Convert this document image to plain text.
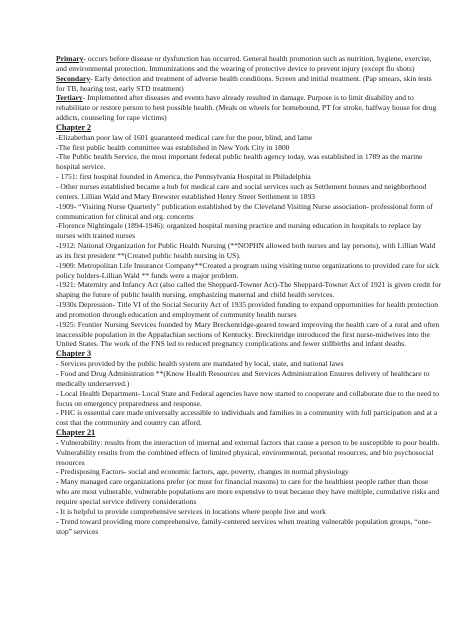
Primary- occurs before disease or dysfunction has occurred. General health promotion such as nutrition, hygiene, exercise, and environmental protection. Immunizations and the wearing of protective device to prevent injury (except flu shots)

Secondary- Early detection and treatment of adverse health conditions. Screen and initial treatment. (Pap smears, skin tests for TB, hearing test, early STD treatment)

Tertiary- Implemented after diseases and events have already resulted in damage. Purpose is to limit disability and to rehabilitate or restore person to best possible health. (Meals on wheels for homebound, PT for stroke, halfway house for drug addicts, counseling for rape victims)

Chapter 2

-Elizabethan poor law of 1601 guaranteed medical care for the poor, blind, and lame

-The first public health committee was established in New York City in 1800

-The Public health Service, the most important federal public health agency today, was established in 1789 as the marine hospital service.

- 1751: first hospital founded in America, the Pennsylvania Hospital in Philadelphia

- Other nurses established became a hub for medical care and social services such as Settlement houses and neighborhood centers. Lillian Wald and Mary Brewster established Henry Street Settlement in 1893

-1909- “Visiting Nurse Quarterly” publication established by the Cleveland Visiting Nurse association- professional form of communication for clinical and org. concerns

-Florence Nightingale (1894-1946): organized hospital nursing practice and nursing education in hospitals to replace lay nurses with trained nurses

-1912: National Organization for Public Health Nursing (**NOPHN allowed both nurses and lay persons), with Lillian Wald as its first president **(Created public health nursing in US).

-1909: Metropolitan Life Insurance Company**Created a program using visiting nurse organizations to provided care for sick policy holders-Lillian Wald ** funds were a major problem.

-1921: Maternity and Infancy Act (also called the Sheppard-Towner Act)-The Sheppard-Towner Act of 1921 is given credit for shaping the future of public health nursing, emphasizing maternal and child health services.

-1930s Depression- Title VI of the Social Security Act of 1935 provided funding to expand opportunities for health protection and promotion through education and employment of community health nurses

-1925: Frontier Nursing Services founded by Mary Breckenridge-geared toward improving the health care of a rural and often inaccessible population in the Appalachian sections of Kentucky. Breckinridge introduced the first nurse-midwives into the United States. The work of the FNS led to reduced pregnancy complications and fewer stillbirths and infant deaths.

Chapter 3

- Services provided by the public health system are mandated by local, state, and national laws

- Food and Drug Administration **(Know Health Resources and Services Administration Ensures delivery of healthcare to medically underserved.)

- Local Health Department- Local State and Federal agencies have now started to cooperate and collaborate due to the need to focus on emergency preparedness and response.

- PHC is essential care made universally accessible to individuals and families in a community with full participation and at a cost that the community and country can afford.

Chapter 21

- Vulnerability: results from the interaction of internal and external factors that cause a person to be susceptible to poor health. Vulnerability results from the combined effects of limited physical, environmental, personal resources, and bio psychosocial resources

- Predisposing Factors- social and economic factors, age, poverty, changes in normal physiology

- Many managed care organizations prefer (or must for financial reasons) to care for the healthiest people rather than those who are most vulnerable, vulnerable populations are more expensive to treat because they have multiple, cumulative risks and require special service delivery considerations

- It is helpful to provide comprehensive services in locations where people live and work

- Trend toward providing more comprehensive, family-centered services when treating vulnerable population groups, “one-stop” services
